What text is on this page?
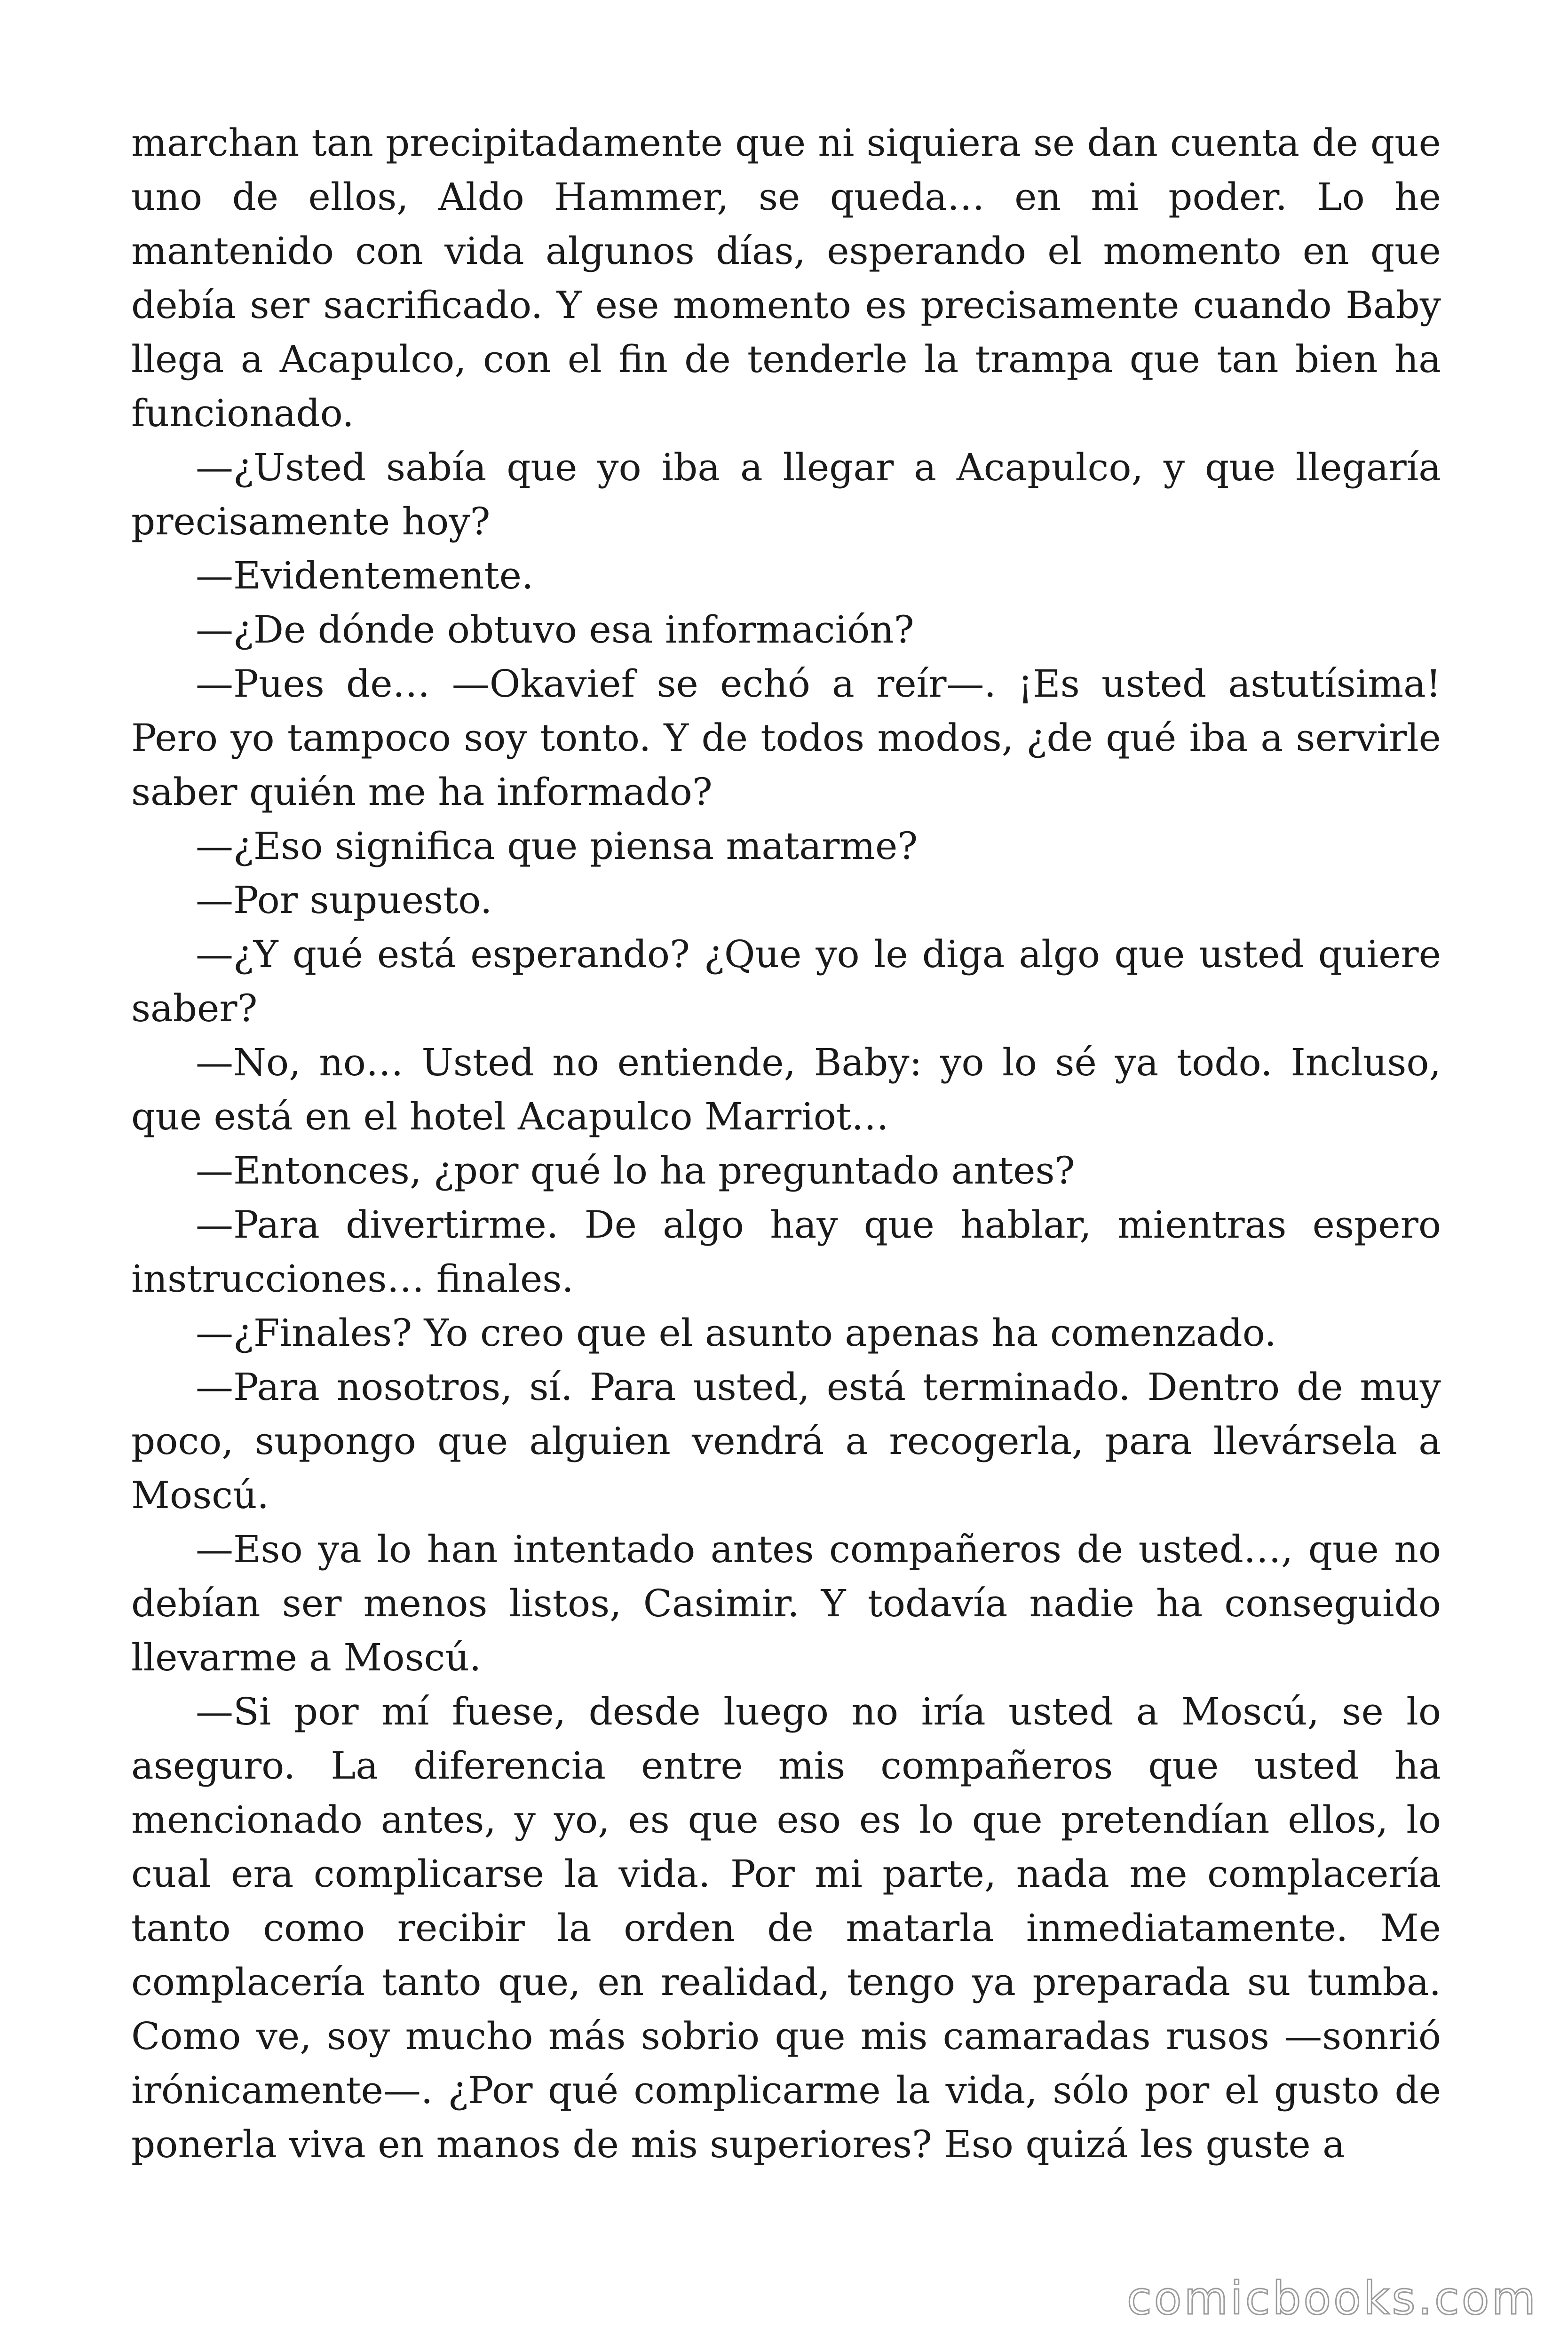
marchan tan precipitadamente que ni siquiera se dan cuenta de que uno de ellos, Aldo Hammer, se queda… en mi poder. Lo he mantenido con vida algunos días, esperando el momento en que debía ser sacrificado. Y ese momento es precisamente cuando Baby llega a Acapulco, con el fin de tenderle la trampa que tan bien ha funcionado.

—¿Usted sabía que yo iba a llegar a Acapulco, y que llegaría precisamente hoy?

—Evidentemente.

—¿De dónde obtuvo esa información?

—Pues de… —Okavief se echó a reír—. ¡Es usted astutísima! Pero yo tampoco soy tonto. Y de todos modos, ¿de qué iba a servirle saber quién me ha informado?

—¿Eso significa que piensa matarme?

—Por supuesto.

—¿Y qué está esperando? ¿Que yo le diga algo que usted quiere saber?

—No, no… Usted no entiende, Baby: yo lo sé ya todo. Incluso, que está en el hotel Acapulco Marriot…

—Entonces, ¿por qué lo ha preguntado antes?

—Para divertirme. De algo hay que hablar, mientras espero instrucciones… finales.

—¿Finales? Yo creo que el asunto apenas ha comenzado.

—Para nosotros, sí. Para usted, está terminado. Dentro de muy poco, supongo que alguien vendrá a recogerla, para llevársela a Moscú.

—Eso ya lo han intentado antes compañeros de usted…, que no debían ser menos listos, Casimir. Y todavía nadie ha conseguido llevarme a Moscú.

—Si por mí fuese, desde luego no iría usted a Moscú, se lo aseguro. La diferencia entre mis compañeros que usted ha mencionado antes, y yo, es que eso es lo que pretendían ellos, lo cual era complicarse la vida. Por mi parte, nada me complacería tanto como recibir la orden de matarla inmediatamente. Me complacería tanto que, en realidad, tengo ya preparada su tumba. Como ve, soy mucho más sobrio que mis camaradas rusos —sonrió irónicamente—. ¿Por qué complicarme la vida, sólo por el gusto de ponerla viva en manos de mis superiores? Eso quizá les guste a

comicbooks.com
